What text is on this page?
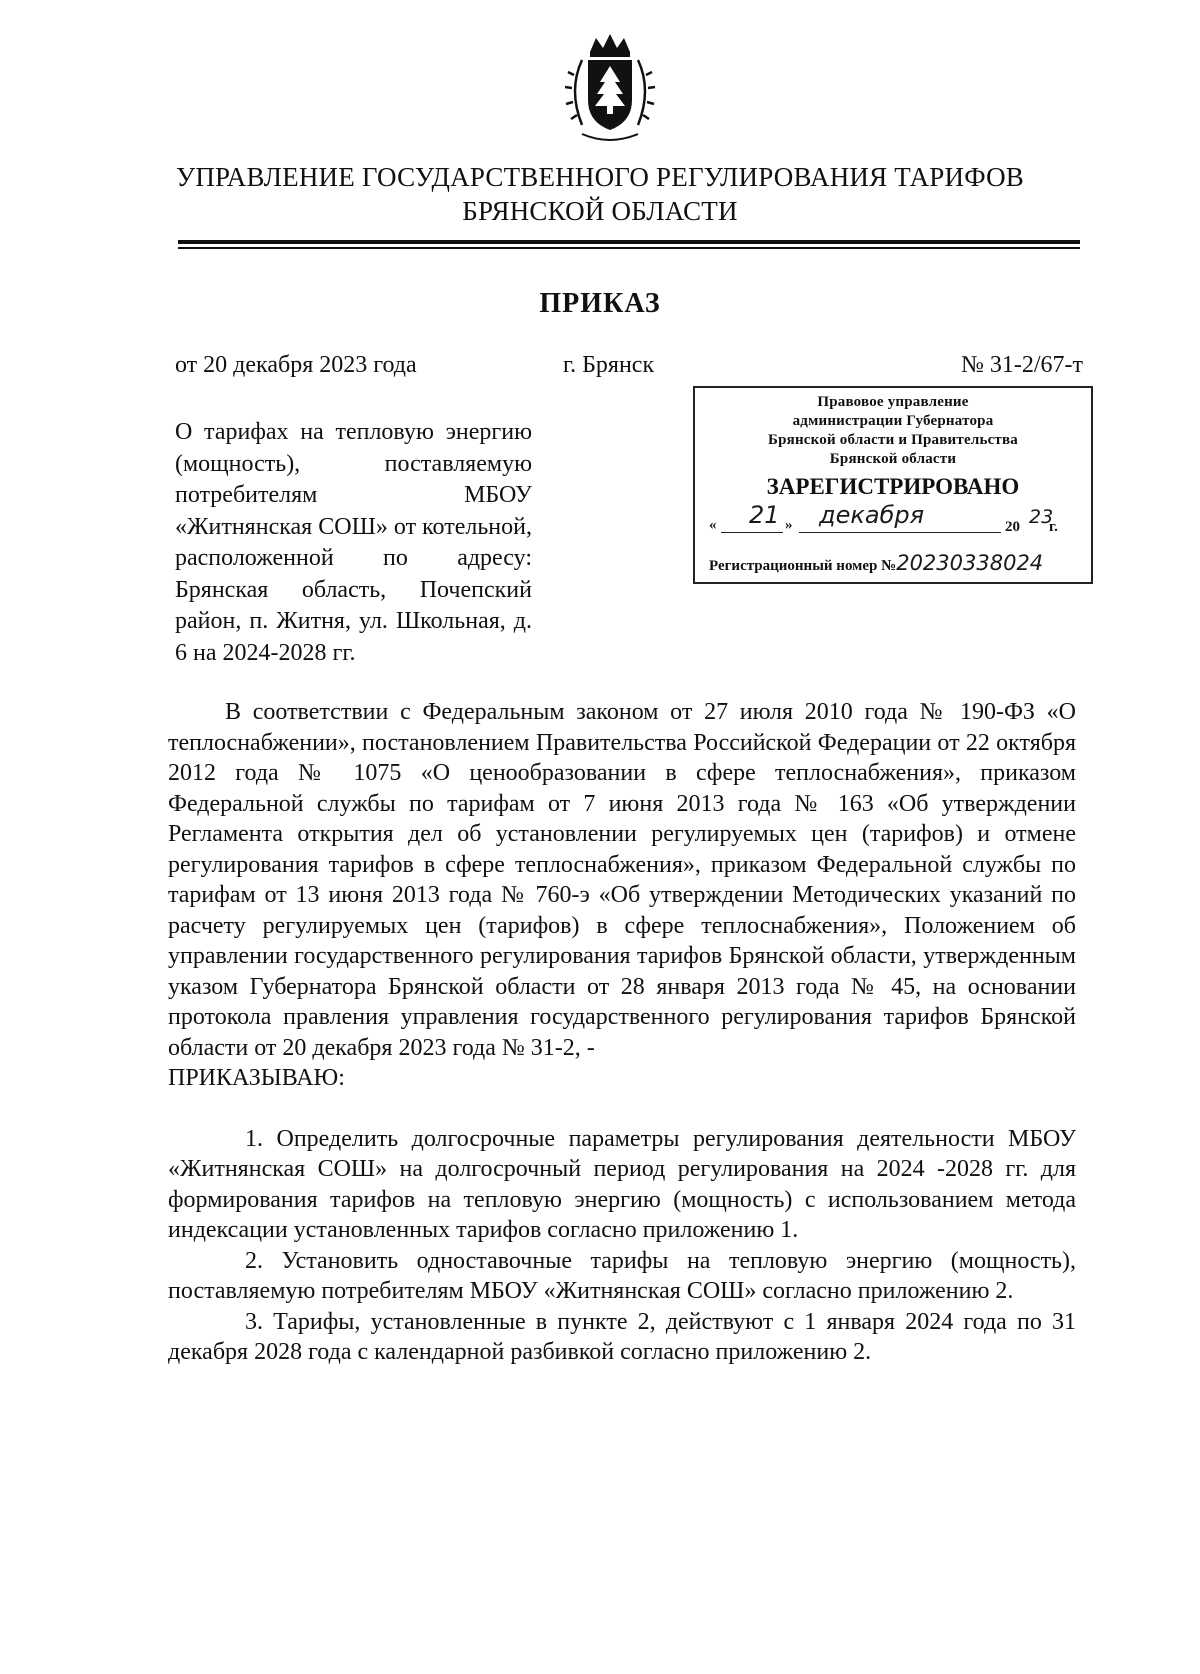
УПРАВЛЕНИЕ ГОСУДАРСТВЕННОГО РЕГУЛИРОВАНИЯ ТАРИФОВ
БРЯНСКОЙ ОБЛАСТИ
ПРИКАЗ
от 20 декабря 2023 года	г. Брянск	№ 31-2/67-т
О тарифах на тепловую энергию (мощность), поставляемую потребителям МБОУ «Житнянская СОШ» от котельной, расположенной по адресу: Брянская область, Почепский район, п. Житня, ул. Школьная, д. 6 на 2024-2028 гг.
Правовое управление
администрации Губернатора
Брянской области и Правительства
Брянской области
ЗАРЕГИСТРИРОВАНО
« 21 » декабря	20 23
г.
Регистрационный номер №20230338024

В соответствии с Федеральным законом от 27 июля 2010 года № 190-ФЗ «О теплоснабжении», постановлением Правительства Российской Федерации от 22 октября 2012 года № 1075 «О ценообразовании в сфере теплоснабжения», приказом Федеральной службы по тарифам от 7 июня 2013 года № 163 «Об утверждении Регламента открытия дел об установлении регулируемых цен (тарифов) и отмене регулирования тарифов в сфере теплоснабжения», приказом Федеральной службы по тарифам от 13 июня 2013 года № 760-э «Об утверждении Методических указаний по расчету регулируемых цен (тарифов) в сфере теплоснабжения», Положением об управлении государственного регулирования тарифов Брянской области, утвержденным указом Губернатора Брянской области от 28 января 2013 года № 45, на основании протокола правления управления государственного регулирования тарифов Брянской области от 20 декабря 2023 года № 31-2, -

ПРИКАЗЫВАЮ:

1. Определить долгосрочные параметры регулирования деятельности МБОУ «Житнянская СОШ» на долгосрочный период регулирования на 2024 -2028 гг. для формирования тарифов на тепловую энергию (мощность) с использованием метода индексации установленных тарифов согласно приложению 1.

2. Установить одноставочные тарифы на тепловую энергию (мощность), поставляемую потребителям МБОУ «Житнянская СОШ» согласно приложению 2.

3. Тарифы, установленные в пункте 2, действуют с 1 января 2024 года по 31 декабря 2028 года с календарной разбивкой согласно приложению 2.
